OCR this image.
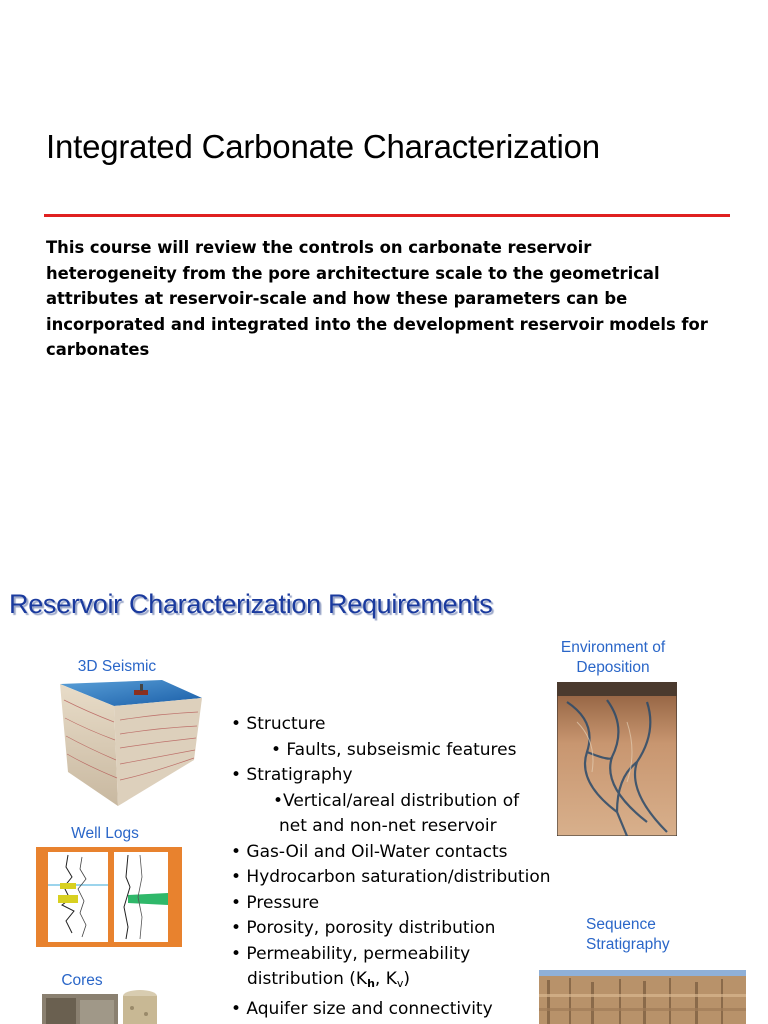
Integrated Carbonate Characterization
This course will review the controls on carbonate reservoir heterogeneity from the pore architecture scale to the geometrical attributes at reservoir-scale and how these parameters can be incorporated and integrated into the development reservoir models for carbonates
Reservoir Characterization Requirements
3D Seismic
Well Logs
Cores
• Structure
• Faults, subseismic features
• Stratigraphy
•Vertical/areal distribution of
net and non-net reservoir
• Gas-Oil and Oil-Water contacts
• Hydrocarbon saturation/distribution
• Pressure
• Porosity, porosity distribution
• Permeability, permeability
distribution ($K_h$, $K_v$)
• Aquifer size and connectivity
Environment of Deposition
Sequence Stratigraphy
